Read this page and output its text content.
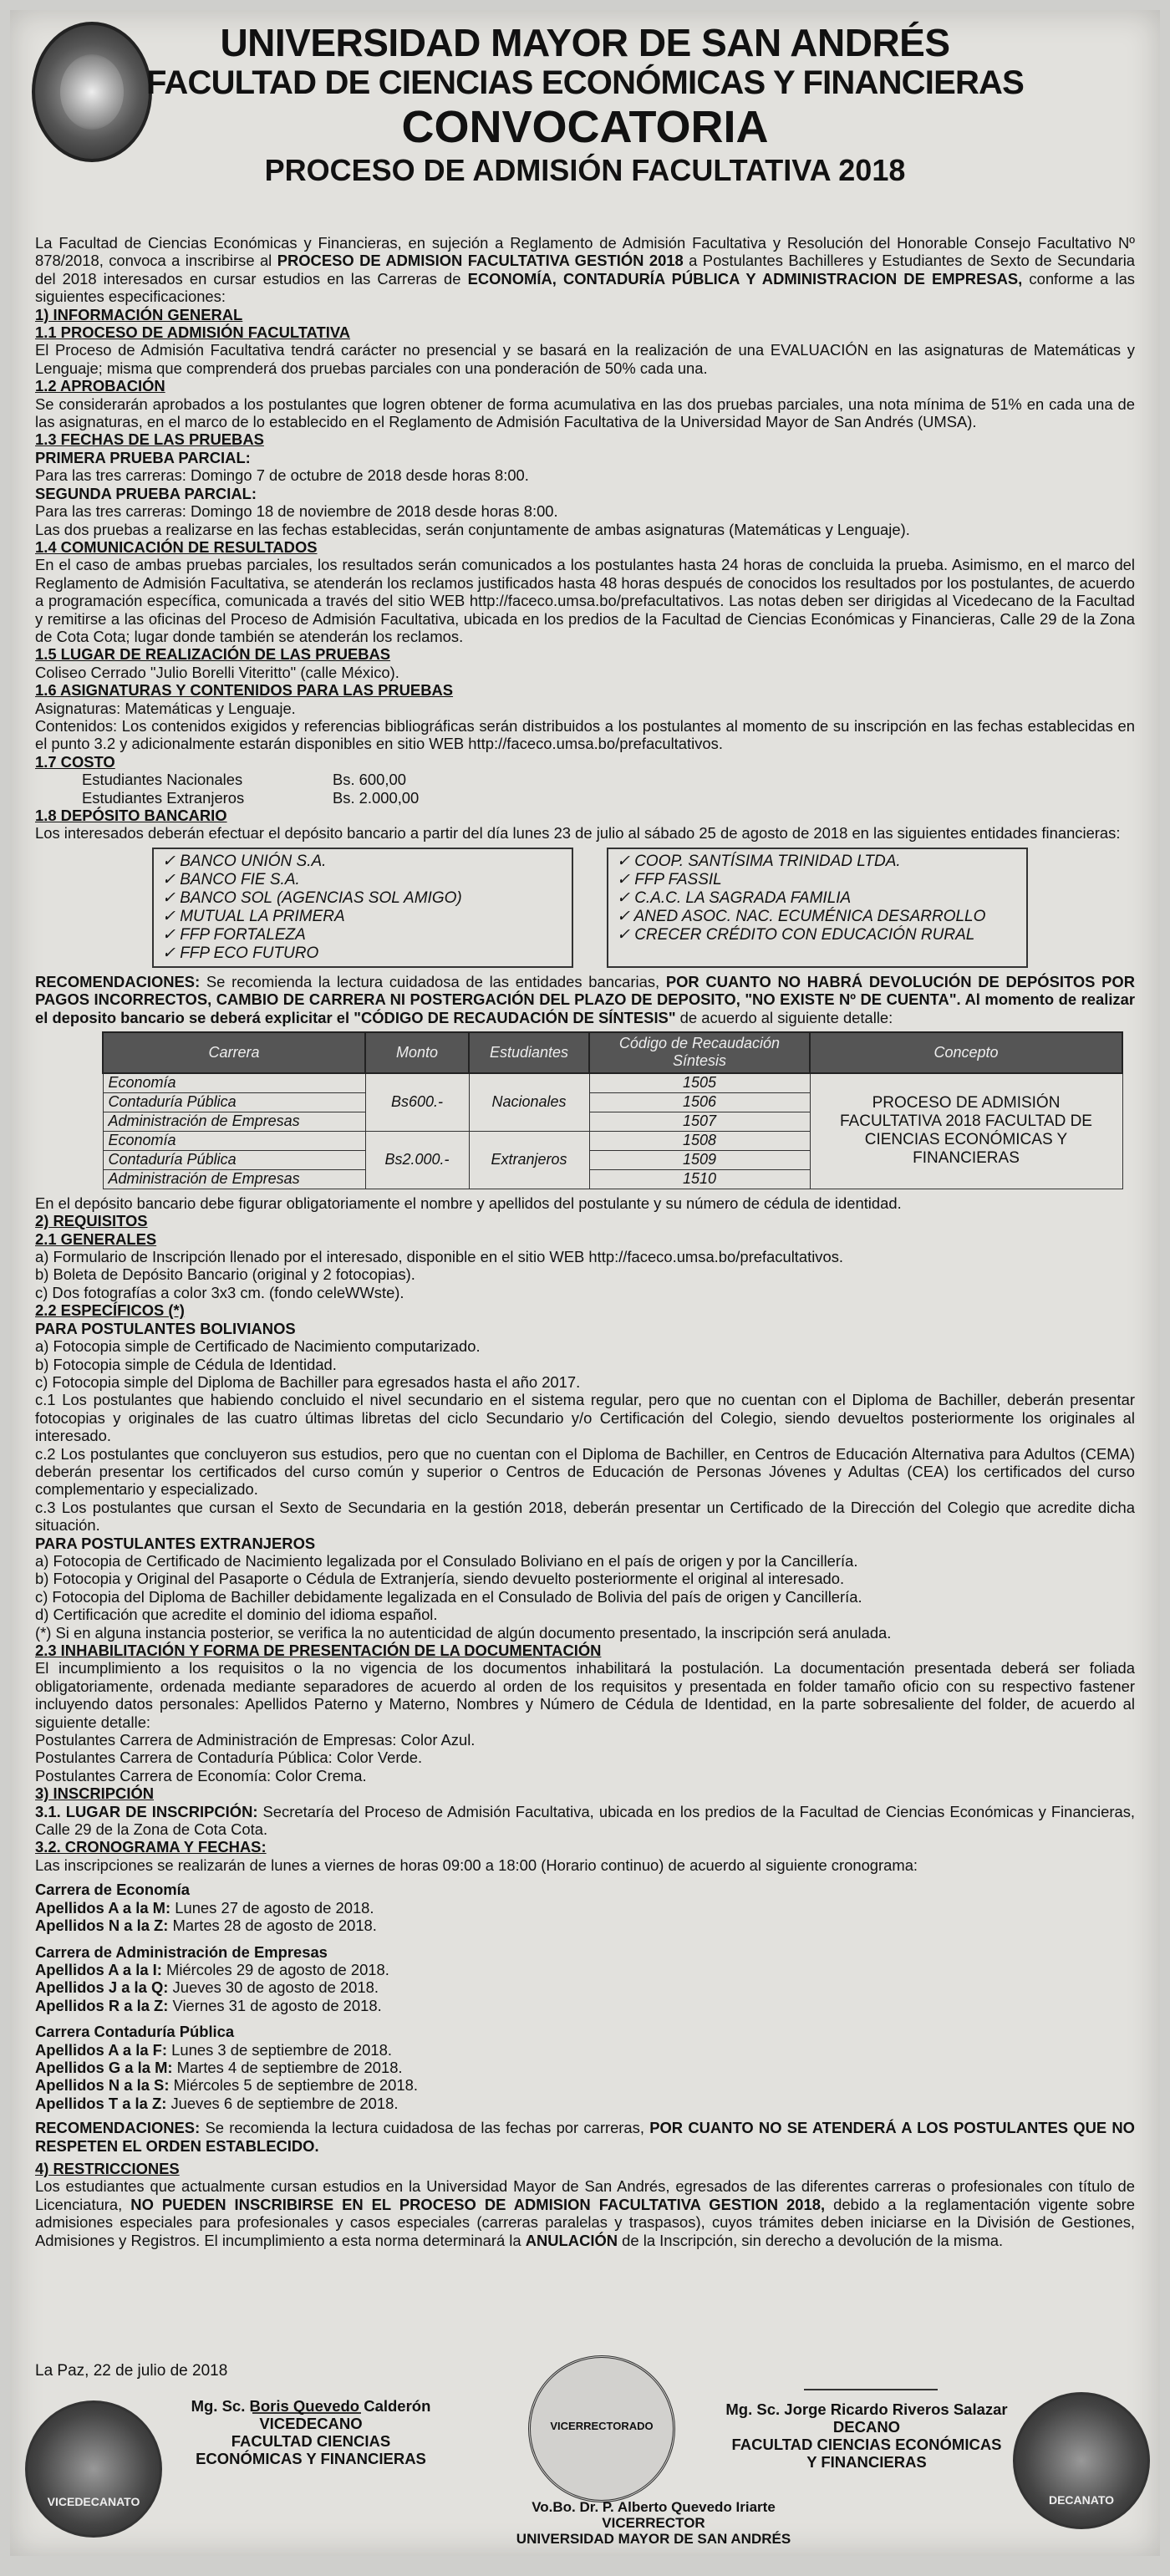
UNIVERSIDAD MAYOR DE SAN ANDRÉS
FACULTAD DE CIENCIAS ECONÓMICAS Y FINANCIERAS
CONVOCATORIA
PROCESO DE ADMISIÓN FACULTATIVA 2018

La Facultad de Ciencias Económicas y Financieras, en sujeción a Reglamento de Admisión Facultativa y Resolución del Honorable Consejo Facultativo Nº 878/2018, convoca a inscribirse al PROCESO DE ADMISION FACULTATIVA GESTIÓN 2018 a Postulantes Bachilleres y Estudiantes de Sexto de Secundaria del 2018 interesados en cursar estudios en las Carreras de ECONOMÍA, CONTADURÍA PÚBLICA Y ADMINISTRACION DE EMPRESAS, conforme a las siguientes especificaciones:

1) INFORMACIÓN GENERAL

1.1 PROCESO DE ADMISIÓN FACULTATIVA

El Proceso de Admisión Facultativa tendrá carácter no presencial y se basará en la realización de una EVALUACIÓN en las asignaturas de Matemáticas y Lenguaje; misma que comprenderá dos pruebas parciales con una ponderación de 50% cada una.

1.2 APROBACIÓN

Se considerarán aprobados a los postulantes que logren obtener de forma acumulativa en las dos pruebas parciales, una nota mínima de 51% en cada una de las asignaturas, en el marco de lo establecido en el Reglamento de Admisión Facultativa de la Universidad Mayor de San Andrés (UMSA).

1.3 FECHAS DE LAS PRUEBAS

PRIMERA PRUEBA PARCIAL:

Para las tres carreras: Domingo 7 de octubre de 2018 desde horas 8:00.

SEGUNDA PRUEBA PARCIAL:

Para las tres carreras: Domingo 18 de noviembre de 2018 desde horas 8:00.

Las dos pruebas a realizarse en las fechas establecidas, serán conjuntamente de ambas asignaturas (Matemáticas y Lenguaje).

1.4 COMUNICACIÓN DE RESULTADOS

En el caso de ambas pruebas parciales, los resultados serán comunicados a los postulantes hasta 24 horas de concluida la prueba. Asimismo, en el marco del Reglamento de Admisión Facultativa, se atenderán los reclamos justificados hasta 48 horas después de conocidos los resultados por los postulantes, de acuerdo a programación específica, comunicada a través del sitio WEB http://faceco.umsa.bo/prefacultativos. Las notas deben ser dirigidas al Vicedecano de la Facultad y remitirse a las oficinas del Proceso de Admisión Facultativa, ubicada en los predios de la Facultad de Ciencias Económicas y Financieras, Calle 29 de la Zona de Cota Cota; lugar donde también se atenderán los reclamos.

1.5 LUGAR DE REALIZACIÓN DE LAS PRUEBAS

Coliseo Cerrado "Julio Borelli Viteritto" (calle México).

1.6 ASIGNATURAS Y CONTENIDOS PARA LAS PRUEBAS

Asignaturas: Matemáticas y Lenguaje.

Contenidos: Los contenidos exigidos y referencias bibliográficas serán distribuidos a los postulantes al momento de su inscripción en las fechas establecidas en el punto 3.2 y adicionalmente estarán disponibles en sitio WEB http://faceco.umsa.bo/prefacultativos.

1.7 COSTO

Estudiantes Nacionales	Bs. 600,00

Estudiantes Extranjeros	Bs. 2.000,00

1.8 DEPÓSITO BANCARIO

Los interesados deberán efectuar el depósito bancario a partir del día lunes 23 de julio al sábado 25 de agosto de 2018 en las siguientes entidades financieras:

✓ BANCO UNIÓN S.A.
✓ BANCO FIE S.A.
✓ BANCO SOL (AGENCIAS SOL AMIGO)
✓ MUTUAL LA PRIMERA
✓ FFP FORTALEZA
✓ FFP ECO FUTURO
✓ COOP. SANTÍSIMA TRINIDAD LTDA.
✓ FFP FASSIL
✓ C.A.C. LA SAGRADA FAMILIA
✓ ANED ASOC. NAC. ECUMÉNICA DESARROLLO
✓ CRECER CRÉDITO CON EDUCACIÓN RURAL

RECOMENDACIONES: Se recomienda la lectura cuidadosa de las entidades bancarias, POR CUANTO NO HABRÁ DEVOLUCIÓN DE DEPÓSITOS POR PAGOS INCORRECTOS, CAMBIO DE CARRERA NI POSTERGACIÓN DEL PLAZO DE DEPOSITO, "NO EXISTE Nº DE CUENTA". Al momento de realizar el deposito bancario se deberá explicitar el "CÓDIGO DE RECAUDACIÓN DE SÍNTESIS" de acuerdo al siguiente detalle:

Carrera	Monto	Estudiantes	Código de Recaudación Síntesis	Concepto
Economía	Bs600.-	Nacionales	1505	PROCESO DE ADMISIÓN FACULTATIVA 2018 FACULTAD DE CIENCIAS ECONÓMICAS Y FINANCIERAS
Contaduría Pública			1506	
Administración de Empresas			1507	
Economía	Bs2.000.-	Extranjeros	1508	
Contaduría Pública			1509	
Administración de Empresas			1510	

En el depósito bancario debe figurar obligatoriamente el nombre y apellidos del postulante y su número de cédula de identidad.

2) REQUISITOS

2.1 GENERALES

a) Formulario de Inscripción llenado por el interesado, disponible en el sitio WEB http://faceco.umsa.bo/prefacultativos.

b) Boleta de Depósito Bancario (original y 2 fotocopias).

c) Dos fotografías a color 3x3 cm. (fondo celeWWste).

2.2 ESPECÍFICOS (*)

PARA POSTULANTES BOLIVIANOS

a) Fotocopia simple de Certificado de Nacimiento computarizado.

b) Fotocopia simple de Cédula de Identidad.

c) Fotocopia simple del Diploma de Bachiller para egresados hasta el año 2017.

c.1 Los postulantes que habiendo concluido el nivel secundario en el sistema regular, pero que no cuentan con el Diploma de Bachiller, deberán presentar fotocopias y originales de las cuatro últimas libretas del ciclo Secundario y/o Certificación del Colegio, siendo devueltos posteriormente los originales al interesado.

c.2 Los postulantes que concluyeron sus estudios, pero que no cuentan con el Diploma de Bachiller, en Centros de Educación Alternativa para Adultos (CEMA) deberán presentar los certificados del curso común y superior o Centros de Educación de Personas Jóvenes y Adultas (CEA) los certificados del curso complementario y especializado.

c.3 Los postulantes que cursan el Sexto de Secundaria en la gestión 2018, deberán presentar un Certificado de la Dirección del Colegio que acredite dicha situación.

PARA POSTULANTES EXTRANJEROS

a) Fotocopia de Certificado de Nacimiento legalizada por el Consulado Boliviano en el país de origen y por la Cancillería.

b) Fotocopia y Original del Pasaporte o Cédula de Extranjería, siendo devuelto posteriormente el original al interesado.

c) Fotocopia del Diploma de Bachiller debidamente legalizada en el Consulado de Bolivia del país de origen y Cancillería.

d) Certificación que acredite el dominio del idioma español.

(*) Si en alguna instancia posterior, se verifica la no autenticidad de algún documento presentado, la inscripción será anulada.

2.3 INHABILITACIÓN Y FORMA DE PRESENTACIÓN DE LA DOCUMENTACIÓN

El incumplimiento a los requisitos o la no vigencia de los documentos inhabilitará la postulación. La documentación presentada deberá ser foliada obligatoriamente, ordenada mediante separadores de acuerdo al orden de los requisitos y presentada en folder tamaño oficio con su respectivo fastener incluyendo datos personales: Apellidos Paterno y Materno, Nombres y Número de Cédula de Identidad, en la parte sobresaliente del folder, de acuerdo al siguiente detalle:

Postulantes Carrera de Administración de Empresas: Color Azul.

Postulantes Carrera de Contaduría Pública: Color Verde.

Postulantes Carrera de Economía: Color Crema.

3) INSCRIPCIÓN

3.1. LUGAR DE INSCRIPCIÓN: Secretaría del Proceso de Admisión Facultativa, ubicada en los predios de la Facultad de Ciencias Económicas y Financieras, Calle 29 de la Zona de Cota Cota.

3.2. CRONOGRAMA Y FECHAS:

Las inscripciones se realizarán de lunes a viernes de horas 09:00 a 18:00 (Horario continuo) de acuerdo al siguiente cronograma:

Carrera de Economía

Apellidos A a la M: Lunes 27 de agosto de 2018.

Apellidos N a la Z: Martes 28 de agosto de 2018.

Carrera de Administración de Empresas

Apellidos A a la I: Miércoles 29 de agosto de 2018.

Apellidos J a la Q: Jueves 30 de agosto de 2018.

Apellidos R a la Z: Viernes 31 de agosto de 2018.

Carrera Contaduría Pública

Apellidos A a la F: Lunes 3 de septiembre de 2018.

Apellidos G a la M: Martes 4 de septiembre de 2018.

Apellidos N a la S: Miércoles 5 de septiembre de 2018.

Apellidos T a la Z: Jueves 6 de septiembre de 2018.

RECOMENDACIONES: Se recomienda la lectura cuidadosa de las fechas por carreras, POR CUANTO NO SE ATENDERÁ A LOS POSTULANTES QUE NO RESPETEN EL ORDEN ESTABLECIDO.

4) RESTRICCIONES

Los estudiantes que actualmente cursan estudios en la Universidad Mayor de San Andrés, egresados de las diferentes carreras o profesionales con título de Licenciatura, NO PUEDEN INSCRIBIRSE EN EL PROCESO DE ADMISION FACULTATIVA GESTION 2018, debido a la reglamentación vigente sobre admisiones especiales para profesionales y casos especiales (carreras paralelas y traspasos), cuyos trámites deben iniciarse en la División de Gestiones, Admisiones y Registros. El incumplimiento a esta norma determinará la ANULACIÓN de la Inscripción, sin derecho a devolución de la misma.

La Paz, 22 de julio de 2018
VICEDECANATO
Mg. Sc. Boris Quevedo Calderón
VICEDECANO
FACULTAD CIENCIAS ECONÓMICAS Y FINANCIERAS
VICERRECTORADO
Vo.Bo. Dr. P. Alberto Quevedo Iriarte
VICERRECTOR
UNIVERSIDAD MAYOR DE SAN ANDRÉS
Mg. Sc. Jorge Ricardo Riveros Salazar
DECANO
FACULTAD CIENCIAS ECONÓMICAS Y FINANCIERAS
DECANATO
